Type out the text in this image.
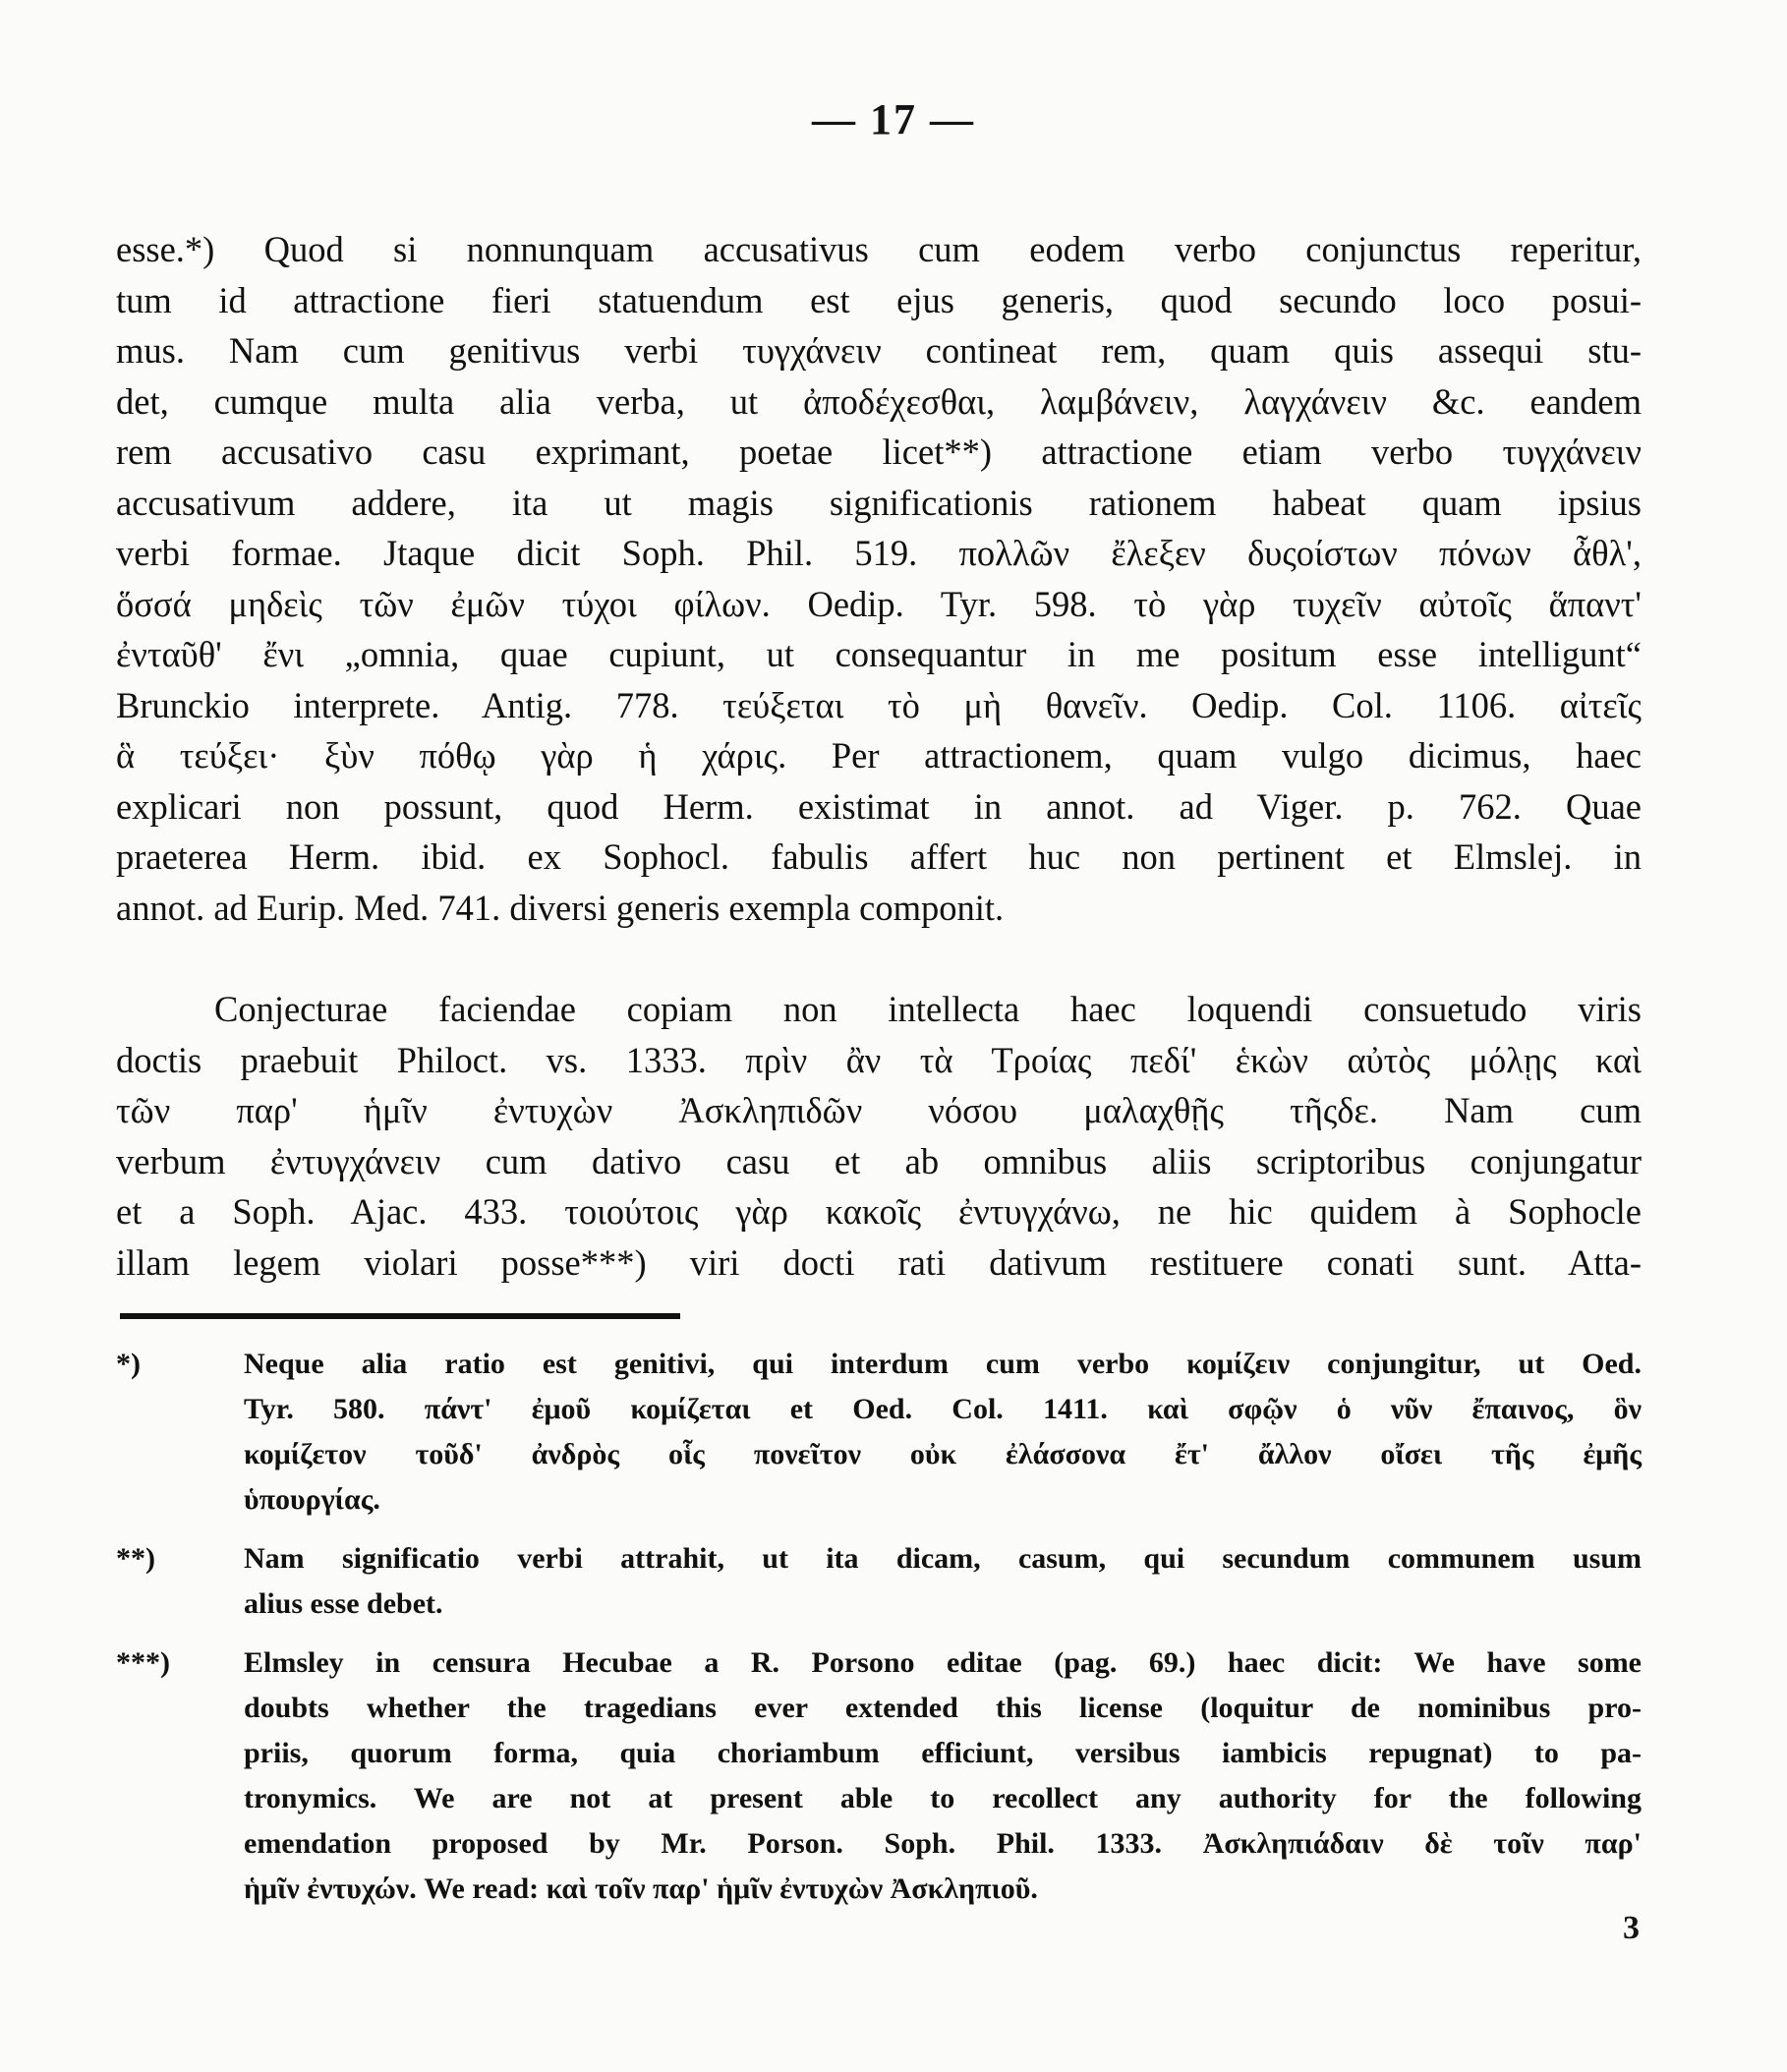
— 17 —
esse.*) Quod si nonnunquam accusativus cum eodem verbo conjunctus reperitur,
tum id attractione fieri statuendum est ejus generis, quod secundo loco posui-
mus. Nam cum genitivus verbi τυγχάνειν contineat rem, quam quis assequi stu-
det, cumque multa alia verba, ut ἀποδέχεσθαι, λαμβάνειν, λαγχάνειν &c. eandem
rem accusativo casu exprimant, poetae licet**) attractione etiam verbo τυγχάνειν
accusativum addere, ita ut magis significationis rationem habeat quam ipsius
verbi formae. Jtaque dicit Soph. Phil. 519. πολλῶν ἔλεξεν δυςοίστων πόνων ἆθλ',
ὅσσά μηδεὶς τῶν ἐμῶν τύχοι φίλων. Oedip. Tyr. 598. τὸ γὰρ τυχεῖν αὐτοῖς ἅπαντ'
ἐνταῦθ' ἔνι „omnia, quae cupiunt, ut consequantur in me positum esse intelligunt“
Brunckio interprete. Antig. 778. τεύξεται τὸ μὴ θανεῖν. Oedip. Col. 1106. αἰτεῖς
ἃ τεύξει· ξὺν πόθῳ γὰρ ἡ χάρις. Per attractionem, quam vulgo dicimus, haec
explicari non possunt, quod Herm. existimat in annot. ad Viger. p. 762. Quae
praeterea Herm. ibid. ex Sophocl. fabulis affert huc non pertinent et Elmslej. in
annot. ad Eurip. Med. 741. diversi generis exempla componit.
Conjecturae faciendae copiam non intellecta haec loquendi consuetudo viris
doctis praebuit Philoct. vs. 1333. πρὶν ἂν τὰ Τροίας πεδί' ἑκὼν αὐτὸς μόλῃς καὶ
τῶν παρ' ἡμῖν ἐντυχὼν Ἀσκληπιδῶν νόσου μαλαχθῇς τῆςδε. Nam cum
verbum ἐντυγχάνειν cum dativo casu et ab omnibus aliis scriptoribus conjungatur
et a Soph. Ajac. 433. τοιούτοις γὰρ κακοῖς ἐντυγχάνω, ne hic quidem à Sophocle
illam legem violari posse***) viri docti rati dativum restituere conati sunt. Atta-
*)	Neque alia ratio est genitivi, qui interdum cum verbo κομίζειν conjungitur, ut Oed.
Tyr. 580. πάντ' ἐμοῦ κομίζεται et Oed. Col. 1411. καὶ σφῷν ὁ νῦν ἔπαινος, ὃν
κομίζετον τοῦδ' ἀνδρὸς οἷς πονεῖτον οὐκ ἐλάσσονα ἔτ' ἄλλον οἴσει τῆς ἐμῆς
ὑπουργίας.
**)	Nam significatio verbi attrahit, ut ita dicam, casum, qui secundum communem usum
alius esse debet.
***)	Elmsley in censura Hecubae a R. Porsono editae (pag. 69.) haec dicit: We have some
doubts whether the tragedians ever extended this license (loquitur de nominibus pro-
priis, quorum forma, quia choriambum efficiunt, versibus iambicis repugnat) to pa-
tronymics. We are not at present able to recollect any authority for the following
emendation proposed by Mr. Porson. Soph. Phil. 1333. Ἀσκληπιάδαιν δὲ τοῖν παρ'
ἡμῖν ἐντυχών. We read: καὶ τοῖν παρ' ἡμῖν ἐντυχὼν Ἀσκληπιοῦ.
3
